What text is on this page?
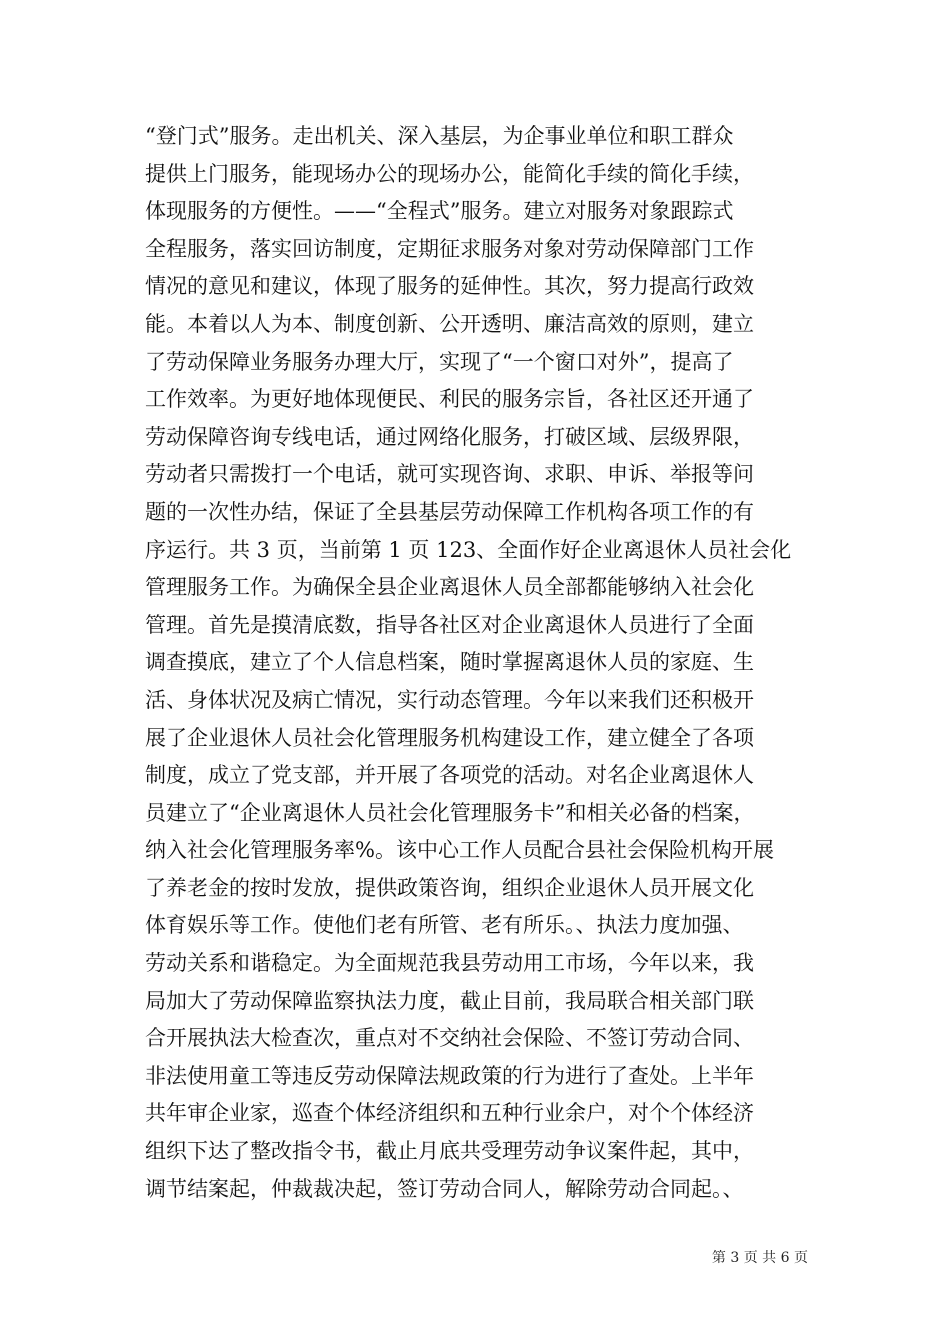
“登门式”服务。走出机关、深入基层，为企事业单位和职工群众
提供上门服务，能现场办公的现场办公，能简化手续的简化手续，
体现服务的方便性。——“全程式”服务。建立对服务对象跟踪式
全程服务，落实回访制度，定期征求服务对象对劳动保障部门工作
情况的意见和建议，体现了服务的延伸性。其次，努力提高行政效
能。本着以人为本、制度创新、公开透明、廉洁高效的原则，建立
了劳动保障业务服务办理大厅，实现了“一个窗口对外”，提高了
工作效率。为更好地体现便民、利民的服务宗旨，各社区还开通了
劳动保障咨询专线电话，通过网络化服务，打破区域、层级界限，
劳动者只需拨打一个电话，就可实现咨询、求职、申诉、举报等问
题的一次性办结，保证了全县基层劳动保障工作机构各项工作的有
序运行。共 3 页，当前第 1 页 123、全面作好企业离退休人员社会化
管理服务工作。为确保全县企业离退休人员全部都能够纳入社会化
管理。首先是摸清底数，指导各社区对企业离退休人员进行了全面
调查摸底，建立了个人信息档案，随时掌握离退休人员的家庭、生
活、身体状况及病亡情况，实行动态管理。今年以来我们还积极开
展了企业退休人员社会化管理服务机构建设工作，建立健全了各项
制度，成立了党支部，并开展了各项党的活动。对名企业离退休人
员建立了“企业离退休人员社会化管理服务卡”和相关必备的档案，
纳入社会化管理服务率%。该中心工作人员配合县社会保险机构开展
了养老金的按时发放，提供政策咨询，组织企业退休人员开展文化
体育娱乐等工作。使他们老有所管、老有所乐。、执法力度加强、
劳动关系和谐稳定。为全面规范我县劳动用工市场，今年以来，我
局加大了劳动保障监察执法力度，截止目前，我局联合相关部门联
合开展执法大检查次，重点对不交纳社会保险、不签订劳动合同、
非法使用童工等违反劳动保障法规政策的行为进行了查处。上半年
共年审企业家，巡查个体经济组织和五种行业余户，对个个体经济
组织下达了整改指令书，截止月底共受理劳动争议案件起，其中，
调节结案起，仲裁裁决起，签订劳动合同人，解除劳动合同起。、
第 3 页 共 6 页
